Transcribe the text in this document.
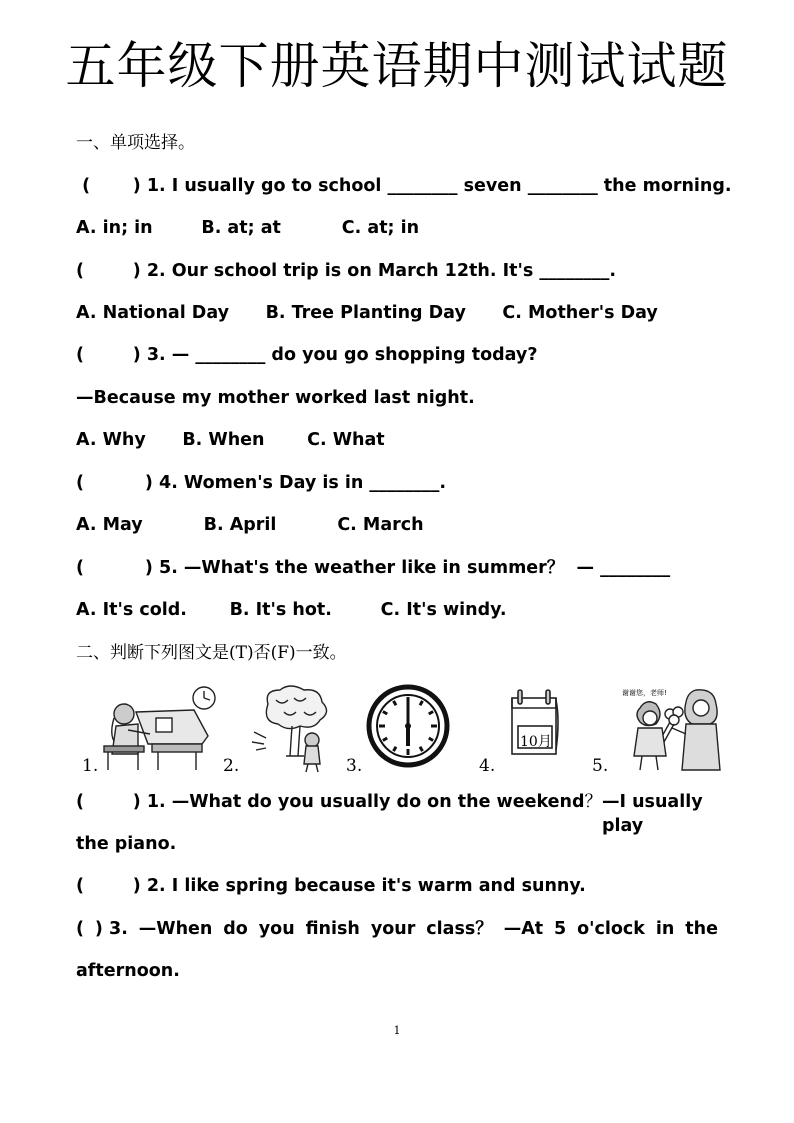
五年级下册英语期中测试试题
一、单项选择。
(       ) 1. I usually go to school ________ seven ________ the morning.
A. in; in        B. at; at          C. at; in
(        ) 2. Our school trip is on March 12th. It's ________.
A. National Day      B. Tree Planting Day      C. Mother's Day
(        ) 3. — ________ do you go shopping today?
—Because my mother worked last night.
A. Why      B. When       C. What
(          ) 4. Women's Day is in ________.
A. May          B. April          C. March
(          ) 5. —What's the weather like in summer？  — ________
A. It's cold.       B. It's hot.        C. It's windy.
二、判断下列图文是(T)否(F)一致。
1.	2.	3.	4.
10月
谢谢您，老师!
5.
(        ) 1. —What do you usually do on the weekend ？ —I usually play
the piano.
(        ) 2. I like spring because it's warm and sunny.
( ) 3. —When do you finish your class？ —At 5 o'clock in the
afternoon.
1
